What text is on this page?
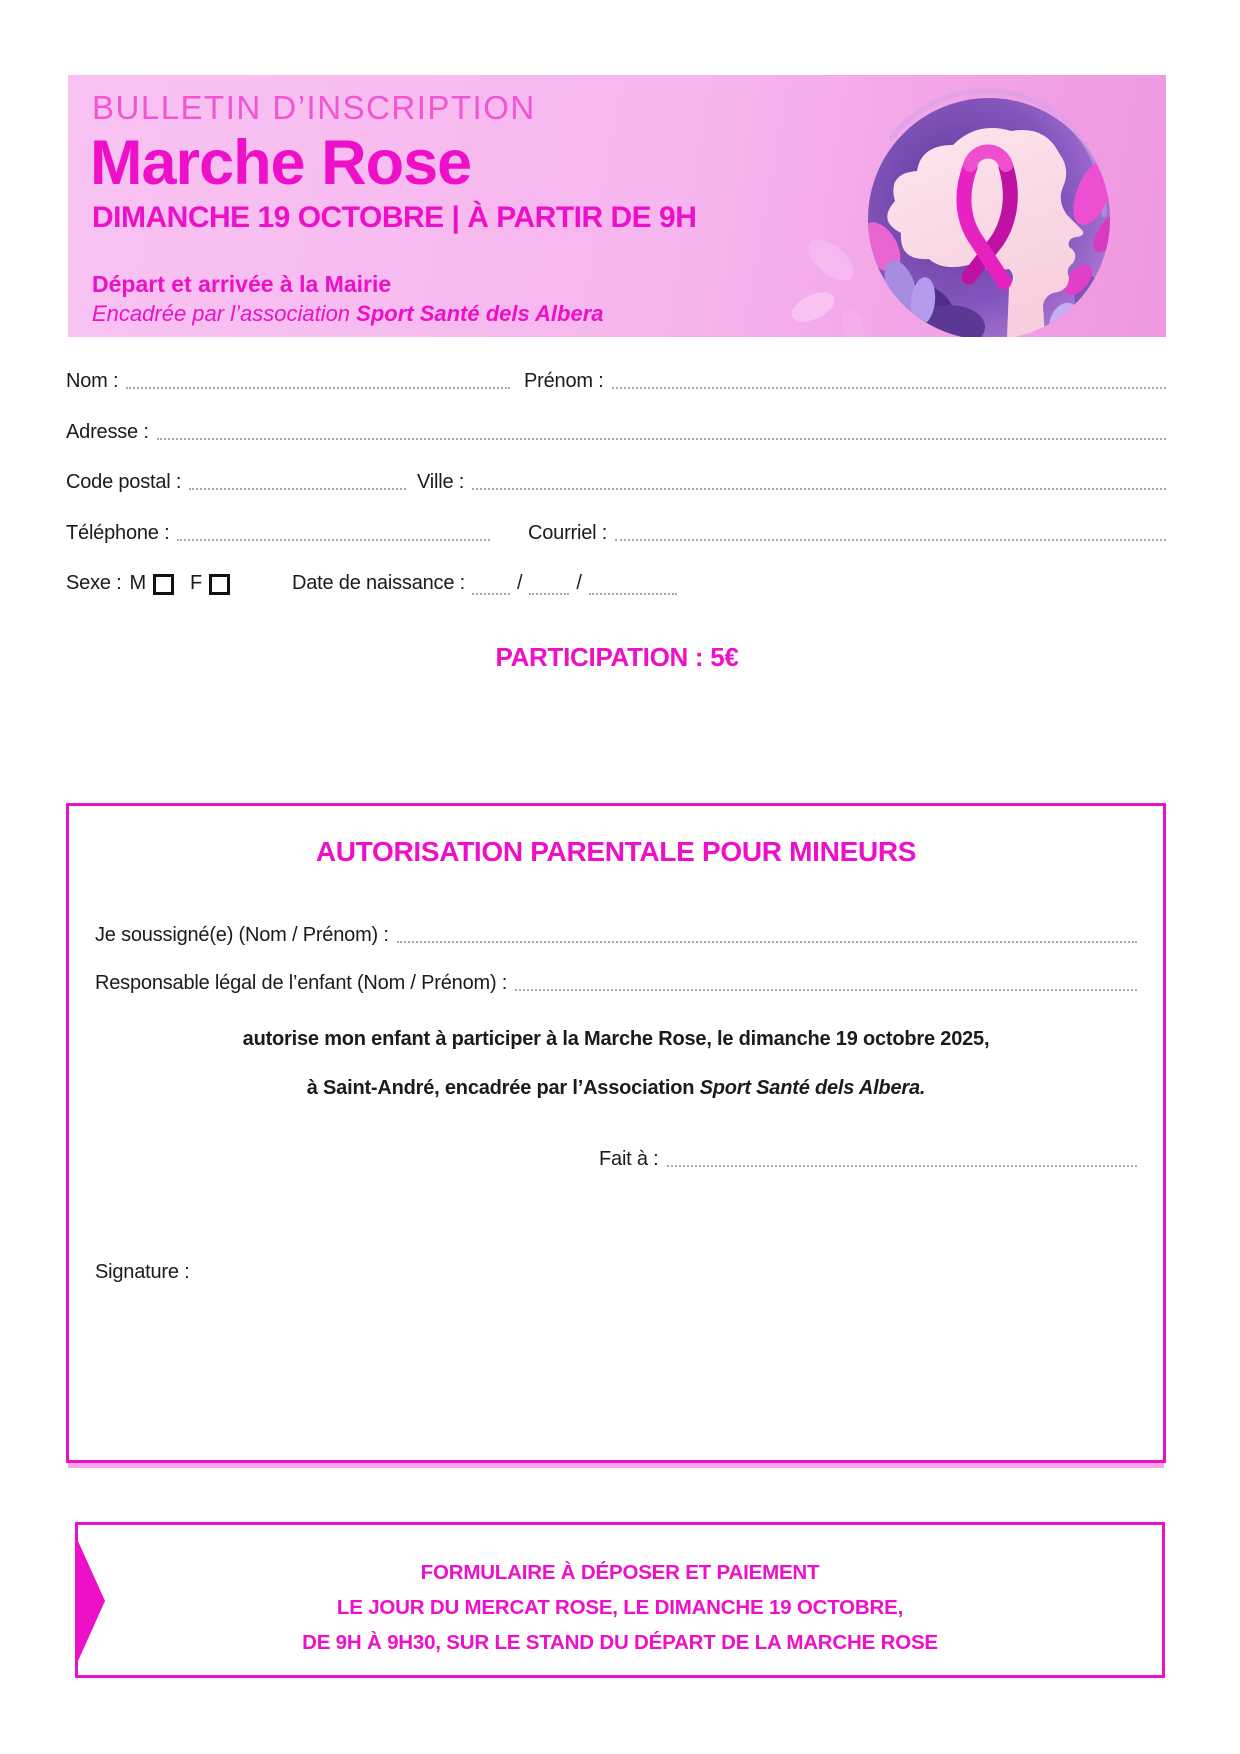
BULLETIN D’INSCRIPTION
Marche Rose
DIMANCHE 19 OCTOBRE | À PARTIR DE 9H
Départ et arrivée à la Mairie
Encadrée par l’association Sport Santé dels Albera
Nom :	Prénom :
Adresse :
Code postal :	Ville :
Téléphone :	Courriel :
Sexe : M F	Date de naissance :	/	/
PARTICIPATION : 5€
AUTORISATION PARENTALE POUR MINEURS
Je soussigné(e) (Nom / Prénom) :
Responsable légal de l’enfant (Nom / Prénom) :
autorise mon enfant à participer à la Marche Rose, le dimanche 19 octobre 2025,
à Saint-André, encadrée par l’Association Sport Santé dels Albera.
Fait à :
Signature :
FORMULAIRE À DÉPOSER ET PAIEMENT
LE JOUR DU MERCAT ROSE, LE DIMANCHE 19 OCTOBRE,
DE 9H À 9H30, SUR LE STAND DU DÉPART DE LA MARCHE ROSE
